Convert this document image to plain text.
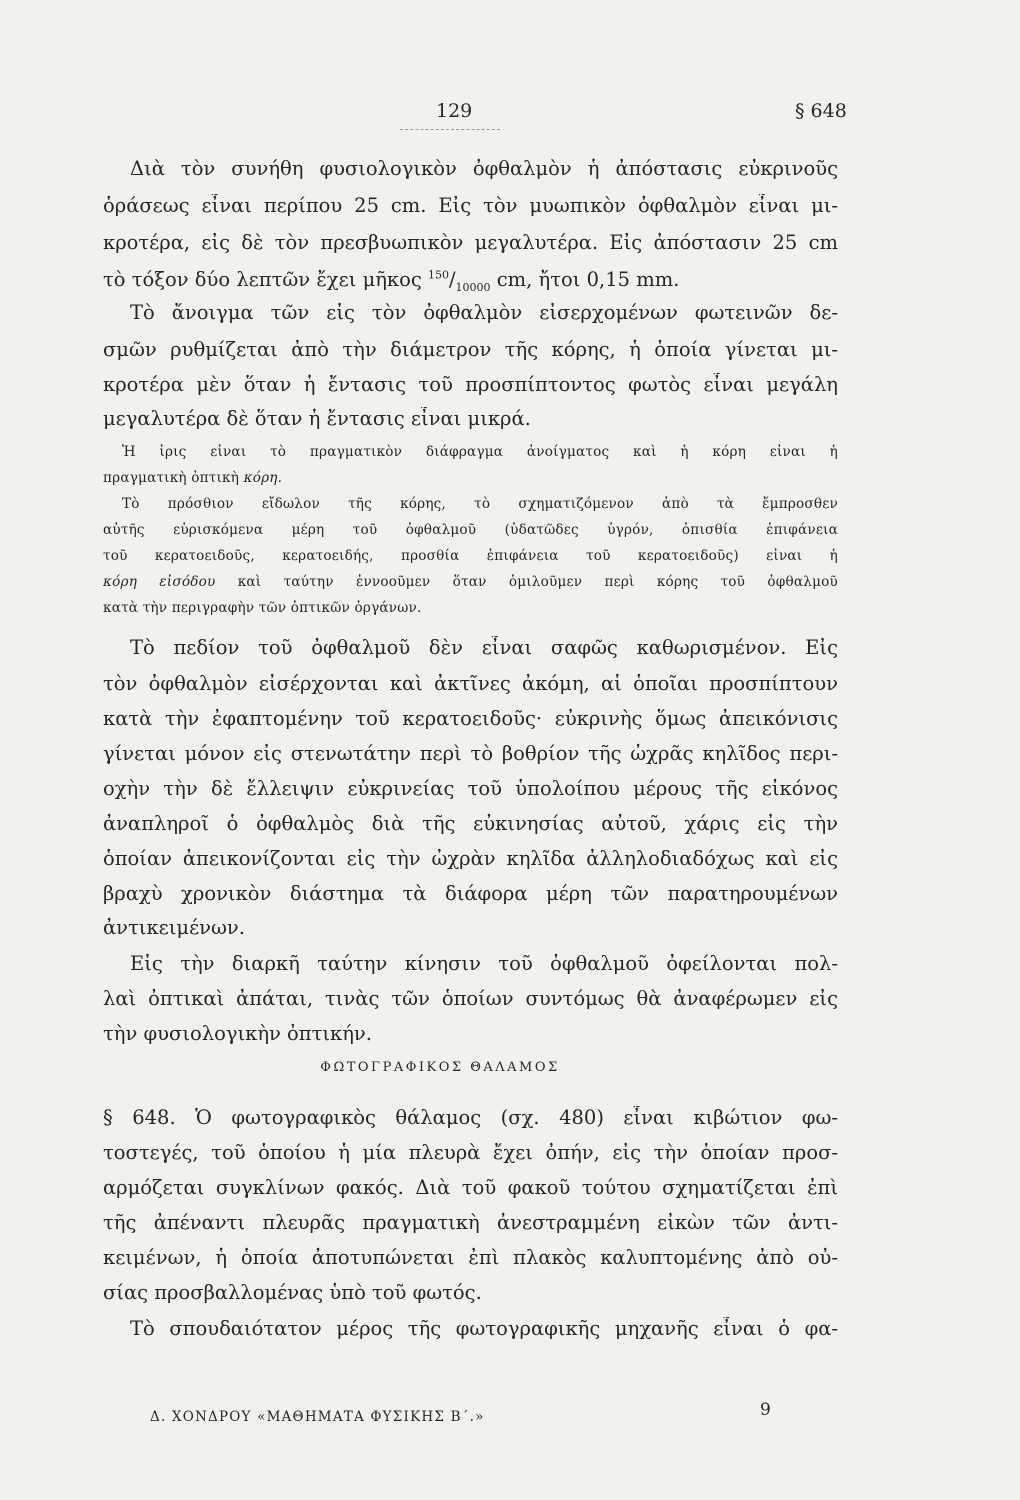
129	§ 648
Διὰ τὸν συνήθη φυσιολογικὸν ὀφθαλμὸν ἡ ἀπόστασις εὐκρινοῦς
ὁράσεως εἶναι περίπου 25 cm. Εἰς τὸν μυωπικὸν ὀφθαλμὸν εἶναι μι-
κροτέρα, εἰς δὲ τὸν πρεσβυωπικὸν μεγαλυτέρα. Εἰς ἀπόστασιν 25 cm
τὸ τόξον δύο λεπτῶν ἔχει μῆκος $^{150}/_{10000}$ cm, ἤτοι 0,15 mm.
Τὸ ἄνοιγμα τῶν εἰς τὸν ὀφθαλμὸν εἰσερχομένων φωτεινῶν δε-
σμῶν ρυθμίζεται ἀπὸ τὴν διάμετρον τῆς κόρης, ἡ ὁποία γίνεται μι-
κροτέρα μὲν ὅταν ἡ ἔντασις τοῦ προσπίπτοντος φωτὸς εἶναι μεγάλη
μεγαλυτέρα δὲ ὅταν ἡ ἔντασις εἶναι μικρά.
Ἡ ἶρις εἶναι τὸ πραγματικὸν διάφραγμα ἀνοίγματος καὶ ἡ κόρη εἶναι ἡ
πραγματικὴ ὀπτικὴ κόρη.
Τὸ πρόσθιον εἴδωλον τῆς κόρης, τὸ σχηματιζόμενον ἀπὸ τὰ ἔμπροσθεν
αὐτῆς εὑρισκόμενα μέρη τοῦ ὀφθαλμοῦ (ὑδατῶδες ὑγρόν, ὀπισθία ἐπιφάνεια
τοῦ κερατοειδοῦς, κερατοειδής, προσθία ἐπιφάνεια τοῦ κερατοειδοῦς) εἶναι ἡ
κόρη εἰσόδου καὶ ταύτην ἐννοοῦμεν ὅταν ὁμιλοῦμεν περὶ κόρης τοῦ ὀφθαλμοῦ
κατὰ τὴν περιγραφὴν τῶν ὀπτικῶν ὀργάνων.
Τὸ πεδίον τοῦ ὀφθαλμοῦ δὲν εἶναι σαφῶς καθωρισμένον. Εἰς
τὸν ὀφθαλμὸν εἰσέρχονται καὶ ἀκτῖνες ἀκόμη, αἱ ὁποῖαι προσπίπτουν
κατὰ τὴν ἐφαπτομένην τοῦ κερατοειδοῦς· εὐκρινὴς ὅμως ἀπεικόνισις
γίνεται μόνον εἰς στενωτάτην περὶ τὸ βοθρίον τῆς ὠχρᾶς κηλῖδος περι-
οχὴν τὴν δὲ ἔλλειψιν εὐκρινείας τοῦ ὑπολοίπου μέρους τῆς εἰκόνος
ἀναπληροῖ ὁ ὀφθαλμὸς διὰ τῆς εὐκινησίας αὐτοῦ, χάρις εἰς τὴν
ὁποίαν ἀπεικονίζονται εἰς τὴν ὠχρὰν κηλῖδα ἀλληλοδιαδόχως καὶ εἰς
βραχὺ χρονικὸν διάστημα τὰ διάφορα μέρη τῶν παρατηρουμένων
ἀντικειμένων.
Εἰς τὴν διαρκῆ ταύτην κίνησιν τοῦ ὀφθαλμοῦ ὀφείλονται πολ-
λαὶ ὀπτικαὶ ἀπάται, τινὰς τῶν ὁποίων συντόμως θὰ ἀναφέρωμεν εἰς
τὴν φυσιολογικὴν ὀπτικήν.
ΦΩΤΟΓΡΑΦΙΚΟΣ ΘΑΛΑΜΟΣ
§ 648. Ὁ φωτογραφικὸς θάλαμος (σχ. 480) εἶναι κιβώτιον φω-
τοστεγές, τοῦ ὁποίου ἡ μία πλευρὰ ἔχει ὀπήν, εἰς τὴν ὁποίαν προσ-
αρμόζεται συγκλίνων φακός. Διὰ τοῦ φακοῦ τούτου σχηματίζεται ἐπὶ
τῆς ἀπέναντι πλευρᾶς πραγματικὴ ἀνεστραμμένη εἰκὼν τῶν ἀντι-
κειμένων, ἡ ὁποία ἀποτυπώνεται ἐπὶ πλακὸς καλυπτομένης ἀπὸ οὐ-
σίας προσβαλλομένας ὑπὸ τοῦ φωτός.
Τὸ σπουδαιότατον μέρος τῆς φωτογραφικῆς μηχανῆς εἶναι ὁ φα-
Δ. ΧΟΝΔΡΟΥ «ΜΑΘΗΜΑΤΑ ΦΥΣΙΚΗΣ Β΄.»	9
